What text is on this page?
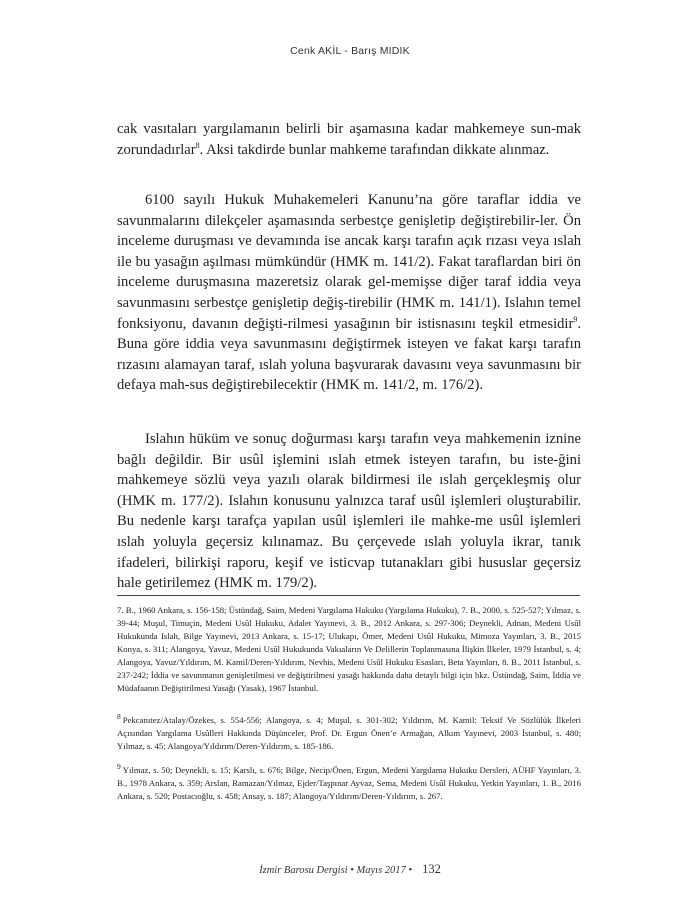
Cenk AKİL - Barış MIDIK

cak vasıtaları yargılamanın belirli bir aşamasına kadar mahkemeye sun-mak zorundadırlar$^8$. Aksi takdirde bunlar mahkeme tarafından dikkate alınmaz.

6100 sayılı Hukuk Muhakemeleri Kanunu’na göre taraflar iddia ve savunmalarını dilekçeler aşamasında serbestçe genişletip değiştirebilir-ler. Ön inceleme duruşması ve devamında ise ancak karşı tarafın açık rızası veya ıslah ile bu yasağın aşılması mümkündür (HMK m. 141/2). Fakat taraflardan biri ön inceleme duruşmasına mazeretsiz olarak gel-memişse diğer taraf iddia veya savunmasını serbestçe genişletip değiş-tirebilir (HMK m. 141/1). Islahın temel fonksiyonu, davanın değişti-rilmesi yasağının bir istisnasını teşkil etmesidir$^9$. Buna göre iddia veya savunmasını değiştirmek isteyen ve fakat karşı tarafın rızasını alamayan taraf, ıslah yoluna başvurarak davasını veya savunmasını bir defaya mah-sus değiştirebilecektir (HMK m. 141/2, m. 176/2).

Islahın hüküm ve sonuç doğurması karşı tarafın veya mahkemenin iznine bağlı değildir. Bir usûl işlemini ıslah etmek isteyen tarafın, bu iste-ğini mahkemeye sözlü veya yazılı olarak bildirmesi ile ıslah gerçekleşmiş olur (HMK m. 177/2). Islahın konusunu yalnızca taraf usûl işlemleri oluşturabilir. Bu nedenle karşı tarafça yapılan usûl işlemleri ile mahke-me usûl işlemleri ıslah yoluyla geçersiz kılınamaz. Bu çerçevede ıslah yoluyla ikrar, tanık ifadeleri, bilirkişi raporu, keşif ve isticvap tutanakları gibi hususlar geçersiz hale getirilemez (HMK m. 179/2).

7. B., 1960 Ankara, s. 156-158; Üstündağ, Saim, Medeni Yargılama Hukuku (Yargılama Hukuku), 7. B., 2000, s. 525-527; Yılmaz, s. 39-44; Muşul, Timuçin, Medeni Usûl Hukuku, Adalet Yayınevi, 3. B., 2012 Ankara, s. 297-306; Deynekli, Adnan, Medeni Usûl Hukukunda Islah, Bilge Yayınevi, 2013 Ankara, s. 15-17; Ulukapı, Ömer, Medeni Usûl Hukuku, Mimoza Yayınları, 3. B., 2015 Konya, s. 311; Alangoya, Yavuz, Medeni Usûl Hukukunda Vakıaların Ve Delillerin Toplanmasına İlişkin İlkeler, 1979 İstanbul, s. 4; Alangoya, Yavuz/Yıldırım, M. Kamil/Deren-Yıldırım, Nevhis, Medeni Usûl Hukuku Esasları, Beta Yayınları, 8. B., 2011 İstanbul, s. 237-242; İddia ve savunmanın genişletilmesi ve değiştirilmesi yasağı hakkında daha detaylı bilgi için bkz. Üstündağ, Saim, İddia ve Müdafaanın Değiştirilmesi Yasağı (Yasak), 1967 İstanbul.

8 Pekcanıtez/Atalay/Özekes, s. 554-556; Alangoya, s. 4; Muşul, s. 301-302; Yıldırım, M. Kamil: Teksif Ve Sözlülük İlkeleri Açısından Yargılama Usûlleri Hakkında Düşünceler, Prof. Dr. Ergun Önen’e Armağan, Alkım Yayınevi, 2003 İstanbul, s. 480; Yılmaz, s. 45; Alangoya/Yıldırım/Deren-Yıldırım, s. 185-186.

9 Yılmaz, s. 50; Deynekli, s. 15; Karslı, s. 676; Bilge, Necip/Önen, Ergun, Medeni Yargılama Hukuku Dersleri, AÜHF Yayınları, 3. B., 1978 Ankara, s. 359; Arslan, Ramazan/Yılmaz, Ejder/Taşpınar Ayvaz, Sema, Medeni Usûl Hukuku, Yetkin Yayınları, 1. B., 2016 Ankara, s. 520; Postacıoğlu, s. 458; Ansay, s. 187; Alangoya/Yıldırım/Deren-Yıldırım, s. 267.

İzmir Barosu Dergisi • Mayıs 2017 • 132
